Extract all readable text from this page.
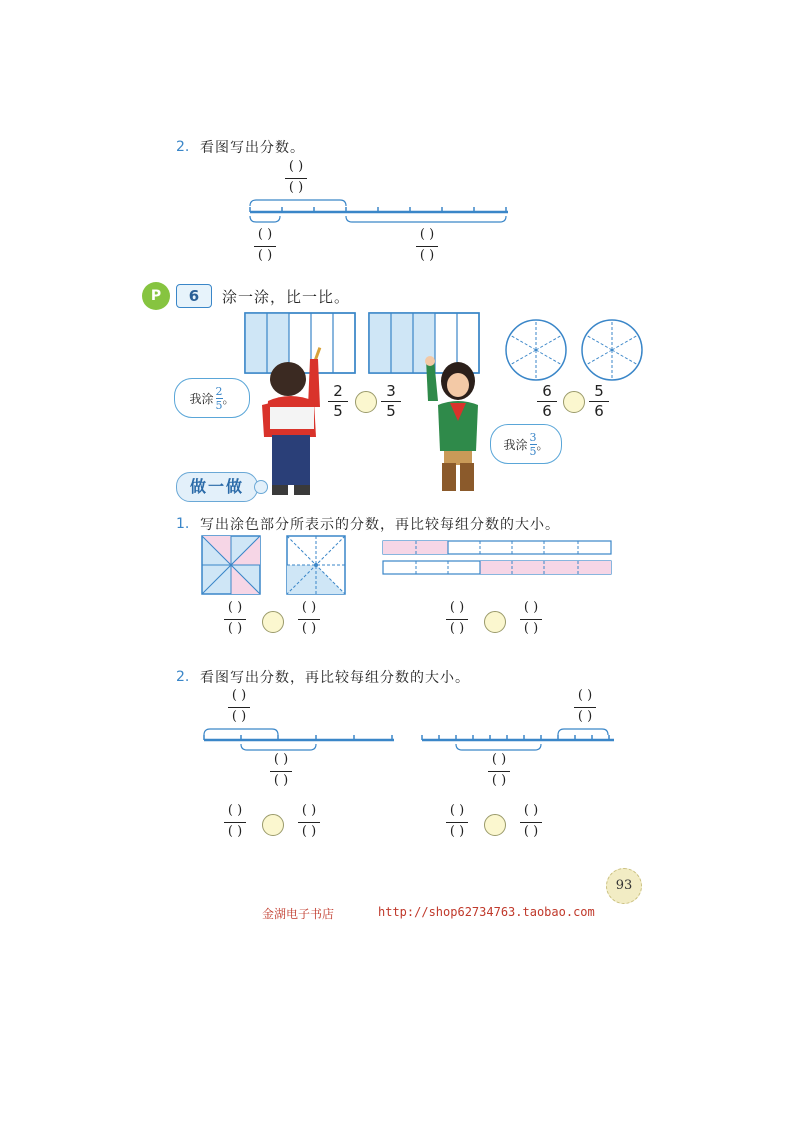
2. 看图写出分数。
( )
( )
( )
( )
( )
( )
P	6	涂一涂，比一比。
我涂
2
5 。
我涂
3
5 。
2
5
3
5
6
6
5
6
做一做
1. 写出涂色部分所表示的分数，再比较每组分数的大小。
( )
( )
( )
( )
( )
( )
( )
( )
2. 看图写出分数，再比较每组分数的大小。
( )
( )
( )
( )
( )
( )
( )
( )
( )
( )
( )
( )
( )
( )
( )
( )
93
金湖电子书店	http://shop62734763.taobao.com
